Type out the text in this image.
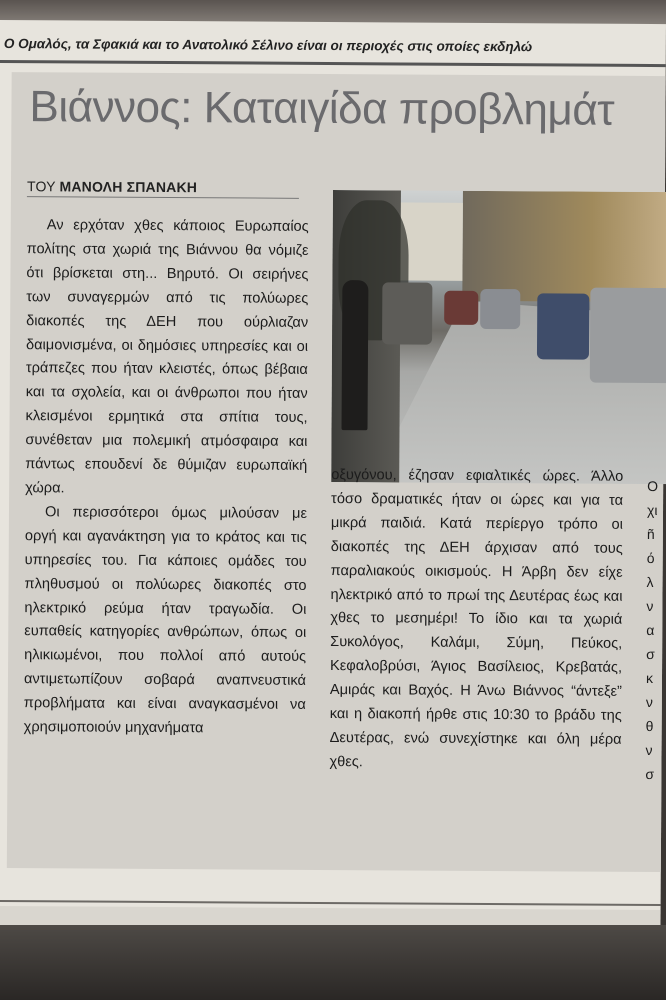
Ο Ομαλός, τα Σφακιά και το Ανατολικό Σέλινο είναι οι περιοχές στις οποίες εκδηλώ
Βιάννος: Καταιγίδα προβλημάτ
ΤΟΥ ΜΑΝΟΛΗ ΣΠΑΝΑΚΗ

Αν ερχόταν χθες κάποιος Ευρωπαίος πολίτης στα χωριά της Βιάννου θα νόμιζε ότι βρίσκεται στη... Βηρυτό. Οι σειρήνες των συναγερμών από τις πολύωρες διακοπές της ΔΕΗ που ούρλιαζαν δαιμονισμένα, οι δημόσιες υπηρεσίες και οι τράπεζες που ήταν κλειστές, όπως βέβαια και τα σχολεία, και οι άνθρωποι που ήταν κλεισμένοι ερμητικά στα σπίτια τους, συνέθεταν μια πολεμική ατμόσφαιρα και πάντως επουδενί δε θύμιζαν ευρωπαϊκή χώρα.

Οι περισσότεροι όμως μιλούσαν με οργή και αγανάκτηση για το κράτος και τις υπηρεσίες του. Για κάποιες ομάδες του πληθυσμού οι πολύωρες διακοπές στο ηλεκτρικό ρεύμα ήταν τραγωδία. Οι ευπαθείς κατηγορίες ανθρώπων, όπως οι ηλικιωμένοι, που πολλοί από αυτούς αντιμετωπίζουν σοβαρά αναπνευστικά προβλήματα και είναι αναγκασμένοι να χρησιμοποιούν μηχανήματα

οξυγόνου, έζησαν εφιαλτικές ώρες. Άλλο τόσο δραματικές ήταν οι ώρες και για τα μικρά παιδιά. Κατά περίεργο τρόπο οι διακοπές της ΔΕΗ άρχισαν από τους παραλιακούς οικισμούς. Η Άρβη δεν είχε ηλεκτρικό από το πρωί της Δευτέρας έως και χθες το μεσημέρι! Το ίδιο και τα χωριά Συκολόγος, Καλάμι, Σύμη, Πεύκος, Κεφαλοβρύσι, Άγιος Βασίλειος, Κρεβατάς, Αμιράς και Βαχός. Η Άνω Βιάννος “άντεξε” και η διακοπή ήρθε στις 10:30 το βράδυ της Δευτέρας, ενώ συνεχίστηκε και όλη μέρα χθες.

Ο
χι
ñ
ό
λ
ν
α
σ
κ
ν
θ
ν
σ
